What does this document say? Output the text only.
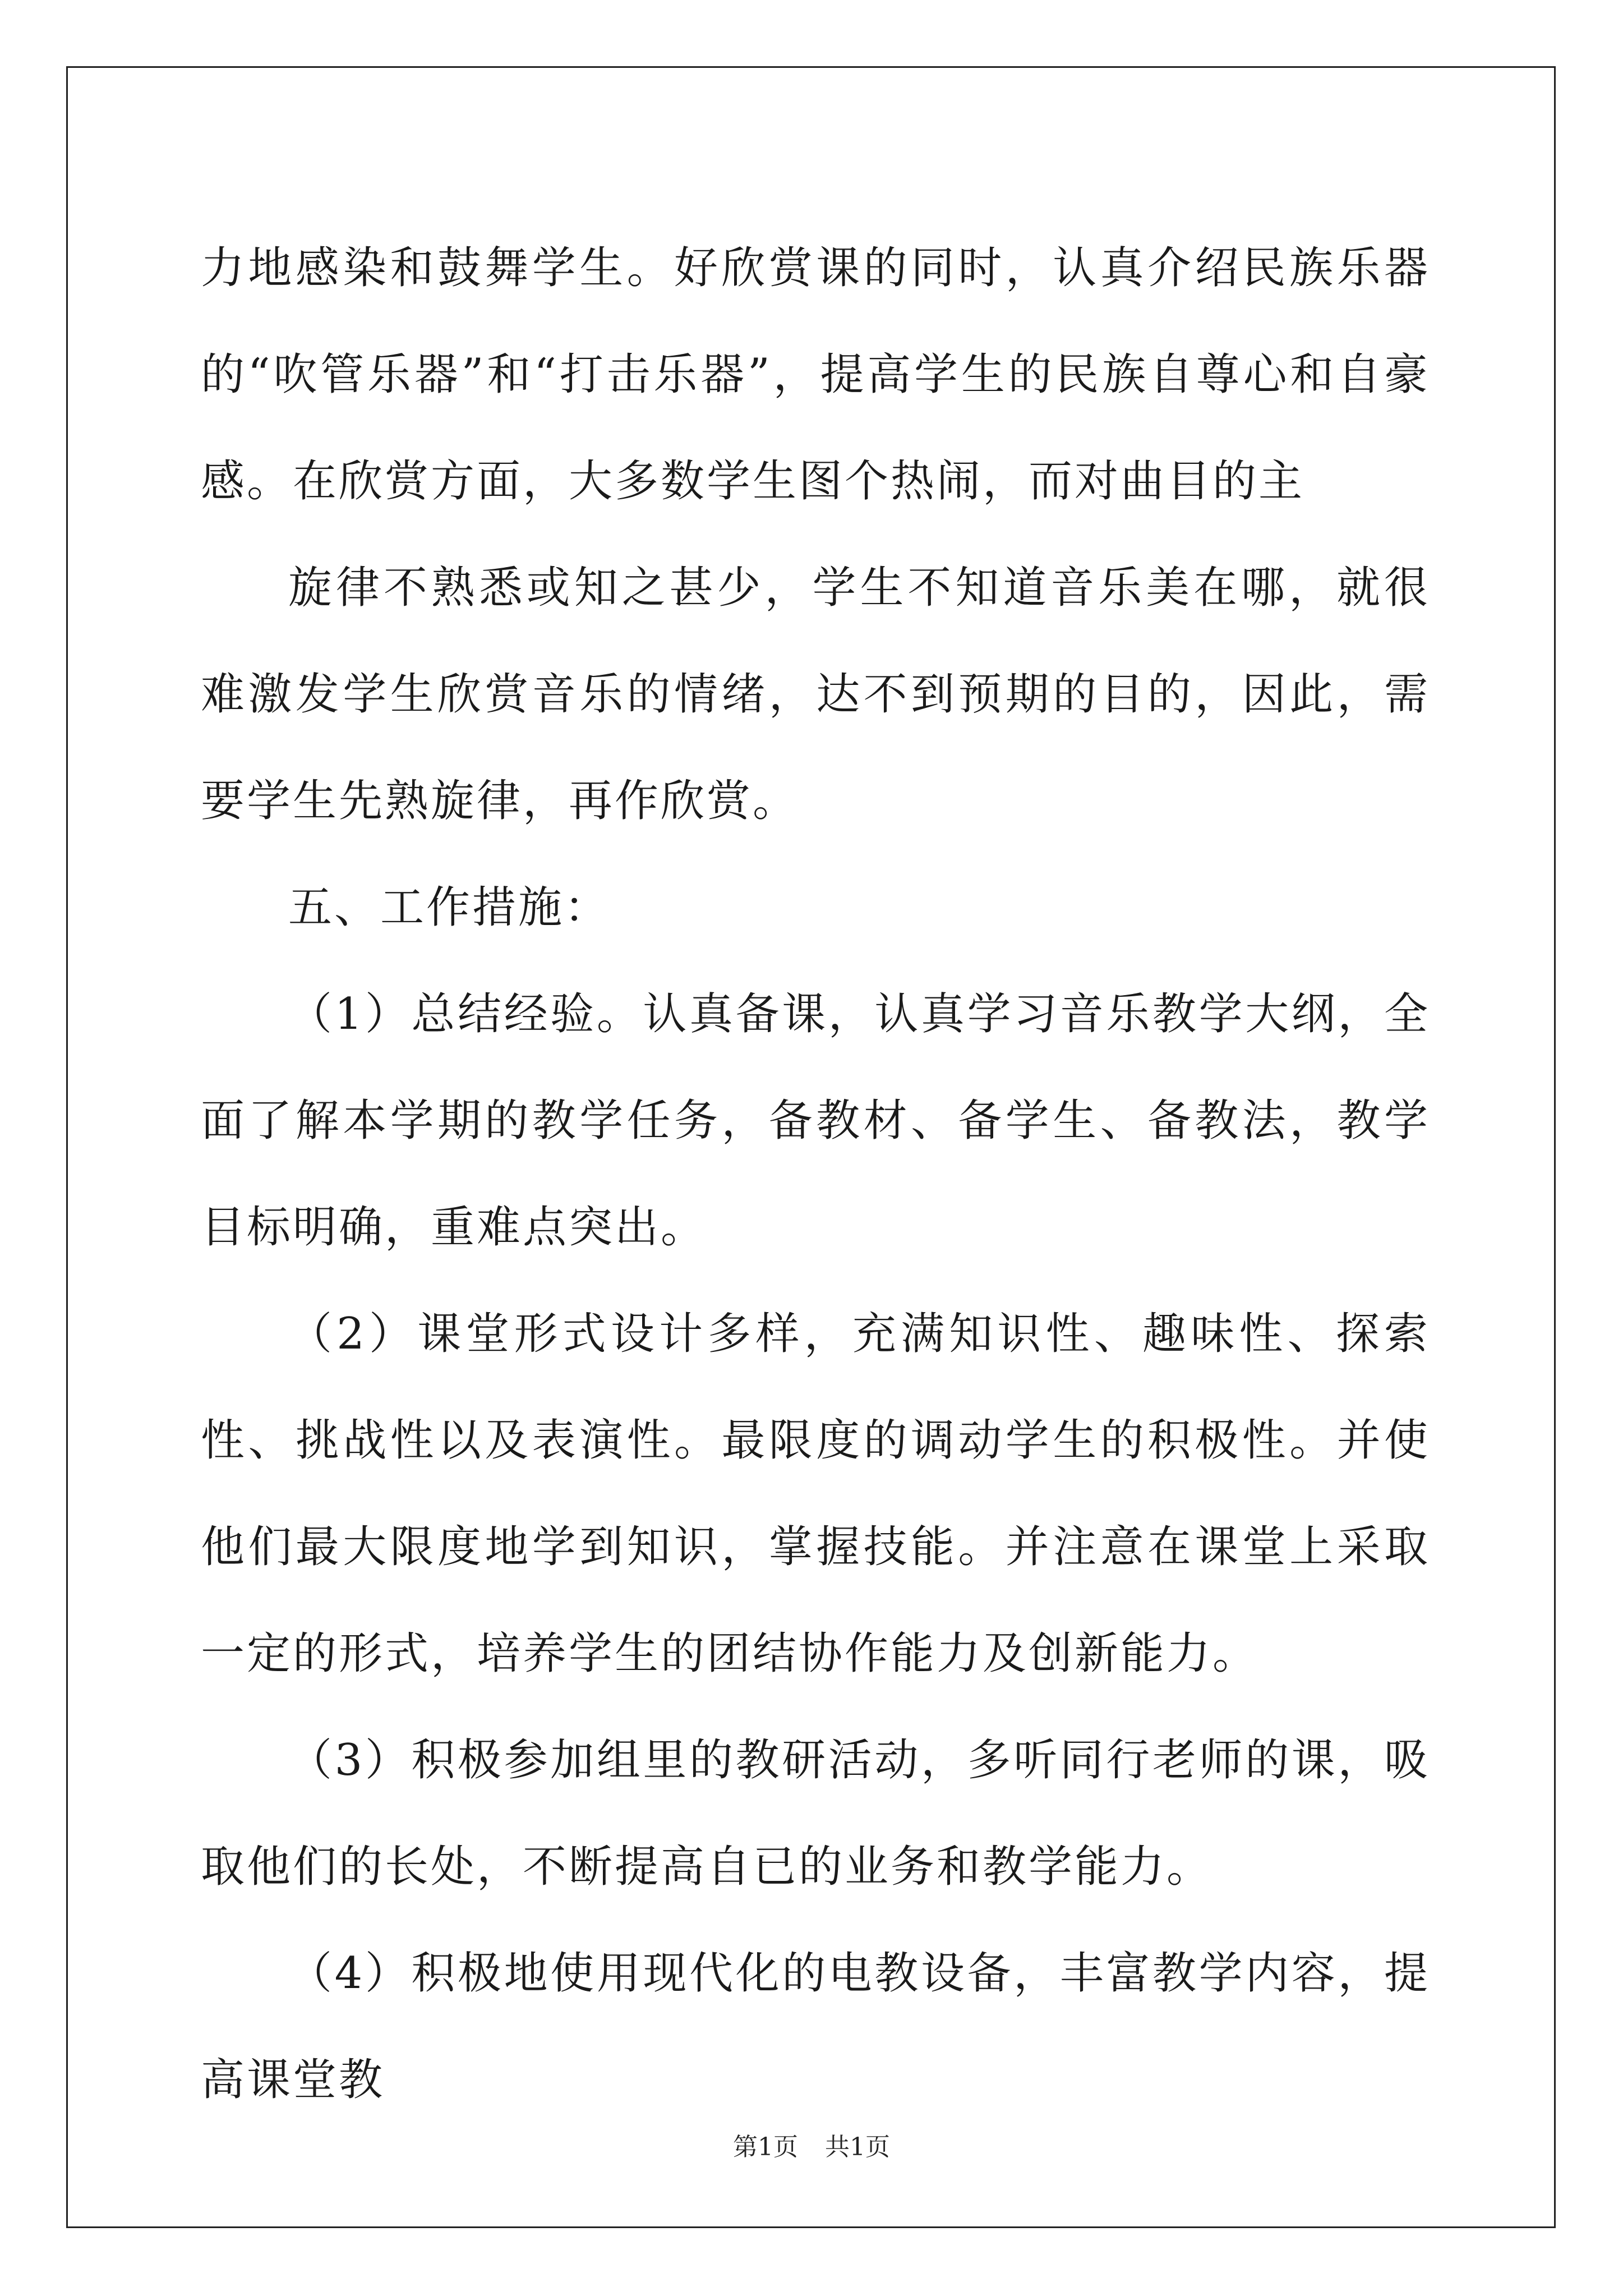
力地感染和鼓舞学生。好欣赏课的同时，认真介绍民族乐器的“吹管乐器”和“打击乐器”，提高学生的民族自尊心和自豪感。在欣赏方面，大多数学生图个热闹，而对曲目的主

旋律不熟悉或知之甚少，学生不知道音乐美在哪，就很难激发学生欣赏音乐的情绪，达不到预期的目的，因此，需要学生先熟旋律，再作欣赏。

五、工作措施：

（1）总结经验。认真备课，认真学习音乐教学大纲，全面了解本学期的教学任务，备教材、备学生、备教法，教学目标明确，重难点突出。

（2）课堂形式设计多样，充满知识性、趣味性、探索性、挑战性以及表演性。最限度的调动学生的积极性。并使他们最大限度地学到知识，掌握技能。并注意在课堂上采取一定的形式，培养学生的团结协作能力及创新能力。

（3）积极参加组里的教研活动，多听同行老师的课，吸取他们的长处，不断提高自已的业务和教学能力。

（4）积极地使用现代化的电教设备，丰富教学内容，提高课堂教

第1页 共1页
